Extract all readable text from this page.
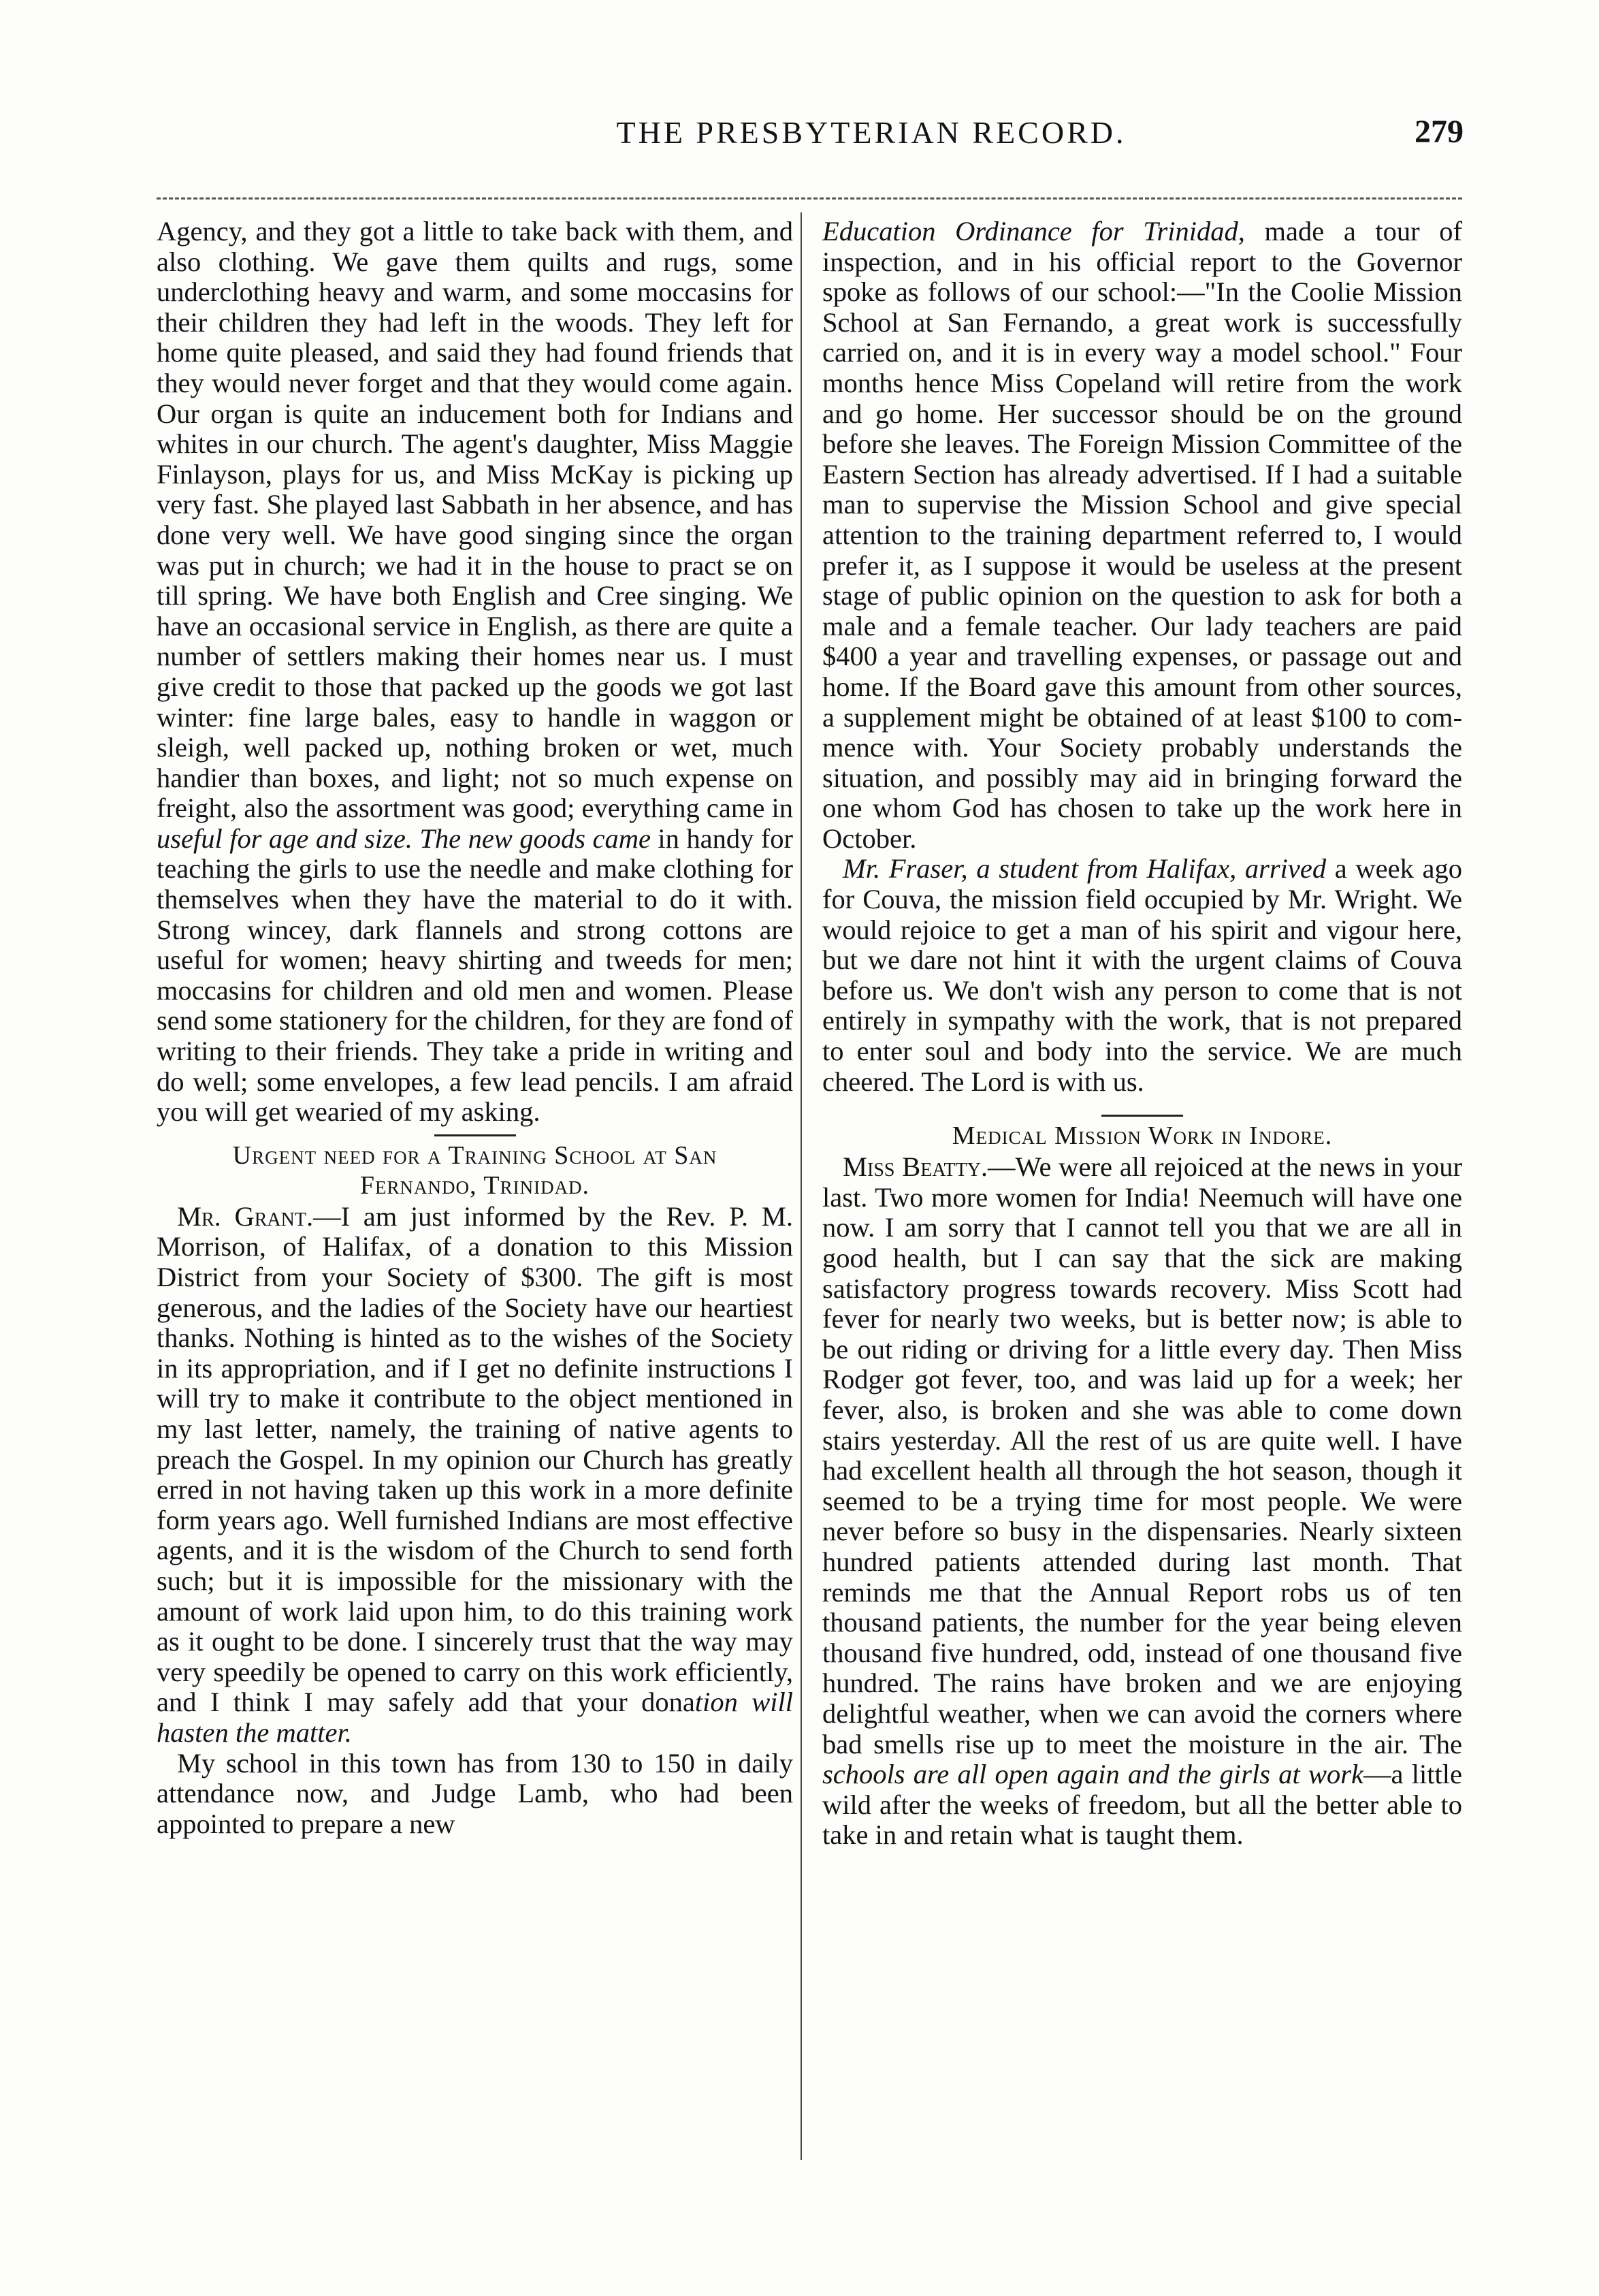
THE PRESBYTERIAN RECORD.	279

Agency, and they got a little to take back with them, and also clothing. We gave them quilts and rugs, some underclothing heavy and warm, and some moccasins for their children they had left in the woods. They left for home quite pleased, and said they had found friends that they would never forget and that they would come again. Our organ is quite an inducement both for Indians and whites in our church. The agent's daughter, Miss Maggie Finlayson, plays for us, and Miss McKay is picking up very fast. She played last Sabbath in her absence, and has done very well. We have good singing since the organ was put in church; we had it in the house to pract se on till spring. We have both English and Cree singing. We have an occasional service in English, as there are quite a number of settlers making their homes near us. I must give credit to those that packed up the goods we got last winter: fine large bales, easy to handle in waggon or sleigh, well packed up, nothing broken or wet, much handier than boxes, and light; not so much expense on freight, also the assortment was good; everything came in useful for age and size. The new goods came in handy for teaching the girls to use the needle and make clothing for themselves when they have the material to do it with. Strong wincey, dark flannels and strong cottons are useful for women; heavy shirting and tweeds for men; moccasins for children and old men and women. Please send some stationery for the children, for they are fond of writing to their friends. They take a pride in writing and do well; some envelopes, a few lead pencils. I am afraid you will get wearied of my asking.

Urgent need for a Training School at San
Fernando, Trinidad.

Mr. Grant.—I am just informed by the Rev. P. M. Morrison, of Halifax, of a donation to this Mission District from your Society of $300. The gift is most generous, and the ladies of the Society have our heartiest thanks. Nothing is hinted as to the wishes of the Society in its appropriation, and if I get no definite instructions I will try to make it contribute to the object mentioned in my last letter, namely, the training of native agents to preach the Gospel. In my opinion our Church has greatly erred in not having taken up this work in a more definite form years ago. Well furnished Indians are most effective agents, and it is the wisdom of the Church to send forth such; but it is impossible for the missionary with the amount of work laid upon him, to do this training work as it ought to be done. I sincerely trust that the way may very speedily be opened to carry on this work efficiently, and I think I may safely add that your donation will hasten the matter.

My school in this town has from 130 to 150 in daily attendance now, and Judge Lamb, who had been appointed to prepare a new

Education Ordinance for Trinidad, made a tour of inspection, and in his official report to the Governor spoke as follows of our school:—"In the Coolie Mission School at San Fernando, a great work is successfully carried on, and it is in every way a model school." Four months hence Miss Copeland will retire from the work and go home. Her successor should be on the ground before she leaves. The Foreign Mission Committee of the Eastern Section has already advertised. If I had a suitable man to supervise the Mission School and give special attention to the training department referred to, I would prefer it, as I suppose it would be useless at the present stage of public opinion on the question to ask for both a male and a female teacher. Our lady teachers are paid $400 a year and travelling expenses, or passage out and home. If the Board gave this amount from other sources, a supplement might be obtained of at least $100 to commence with. Your Society probably understands the situation, and possibly may aid in bringing forward the one whom God has chosen to take up the work here in October.

Mr. Fraser, a student from Halifax, arrived a week ago for Couva, the mission field occupied by Mr. Wright. We would rejoice to get a man of his spirit and vigour here, but we dare not hint it with the urgent claims of Couva before us. We don't wish any person to come that is not entirely in sympathy with the work, that is not prepared to enter soul and body into the service. We are much cheered. The Lord is with us.

Medical Mission Work in Indore.

Miss Beatty.—We were all rejoiced at the news in your last. Two more women for India! Neemuch will have one now. I am sorry that I cannot tell you that we are all in good health, but I can say that the sick are making satisfactory progress towards recovery. Miss Scott had fever for nearly two weeks, but is better now; is able to be out riding or driving for a little every day. Then Miss Rodger got fever, too, and was laid up for a week; her fever, also, is broken and she was able to come down stairs yesterday. All the rest of us are quite well. I have had excellent health all through the hot season, though it seemed to be a trying time for most people. We were never before so busy in the dispensaries. Nearly sixteen hundred patients attended during last month. That reminds me that the Annual Report robs us of ten thousand patients, the number for the year being eleven thousand five hundred, odd, instead of one thousand five hundred. The rains have broken and we are enjoying delightful weather, when we can avoid the corners where bad smells rise up to meet the moisture in the air. The schools are all open again and the girls at work—a little wild after the weeks of freedom, but all the better able to take in and retain what is taught them.
